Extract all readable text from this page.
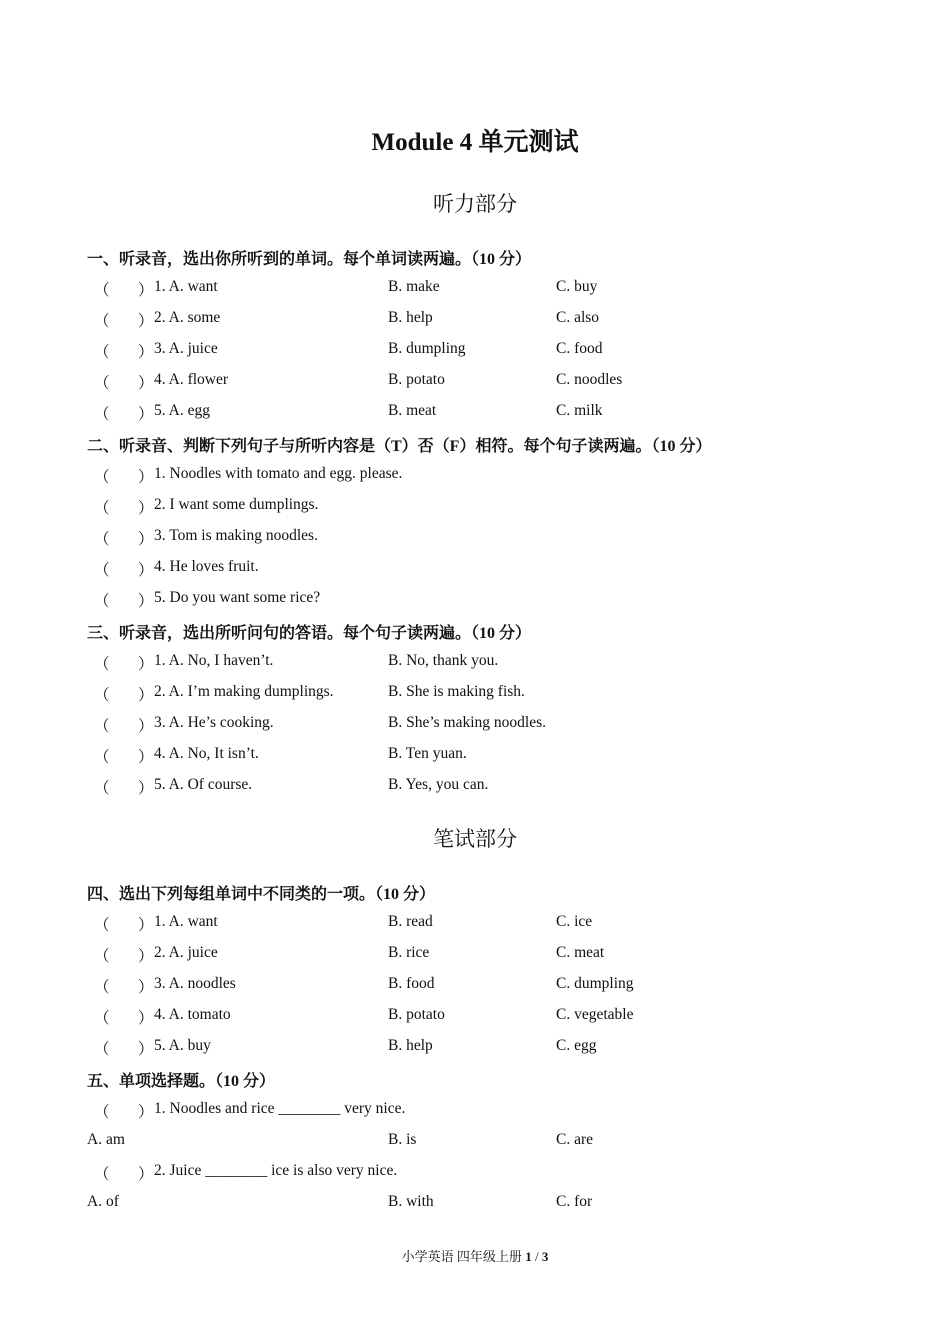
Module 4 单元测试
听力部分
一、听录音，选出你所听到的单词。每个单词读两遍。（10 分）
（ ） 1. A. want	B. make	C. buy
（ ） 2. A. some	B. help	C. also
（ ） 3. A. juice	B. dumpling	C. food
（ ） 4. A. flower	B. potato	C. noodles
（ ） 5. A. egg	B. meat	C. milk
二、听录音、判断下列句子与所听内容是（T）否（F）相符。每个句子读两遍。（10 分）
（ ） 1. Noodles with tomato and egg. please.
（ ） 2. I want some dumplings.
（ ） 3. Tom is making noodles.
（ ） 4. He loves fruit.
（ ） 5. Do you want some rice?
三、听录音，选出所听问句的答语。每个句子读两遍。（10 分）
（ ） 1. A. No, I haven’t.	B. No, thank you.
（ ） 2. A. I’m making dumplings.	B. She is making fish.
（ ） 3. A. He’s cooking.	B. She’s making noodles.
（ ） 4. A. No, It isn’t.	B. Ten yuan.
（ ） 5. A. Of course.	B. Yes, you can.
笔试部分
四、选出下列每组单词中不同类的一项。（10 分）
（ ） 1. A. want	B. read	C. ice
（ ） 2. A. juice	B. rice	C. meat
（ ） 3. A. noodles	B. food	C. dumpling
（ ） 4. A. tomato	B. potato	C. vegetable
（ ） 5. A. buy	B. help	C. egg
五、单项选择题。（10 分）
（ ） 1. Noodles and rice ________ very nice.
A. am	B. is	C. are
（ ） 2. Juice ________ ice is also very nice.
A. of	B. with	C. for
小学英语 四年级上册 1 / 3
